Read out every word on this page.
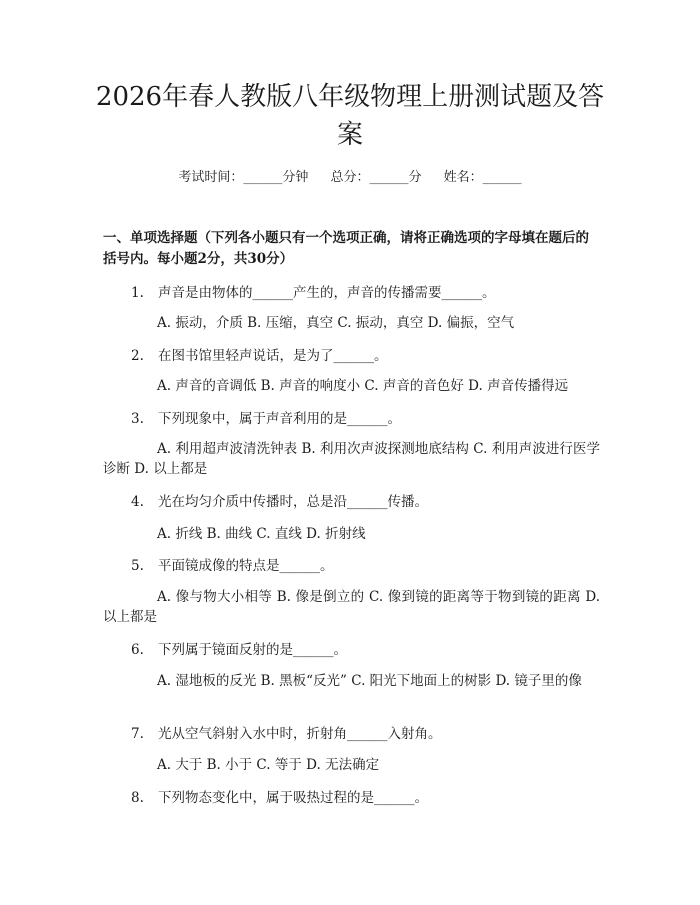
2026年春人教版八年级物理上册测试题及答案
考试时间：______分钟 总分：______分 姓名：______

一、单项选择题（下列各小题只有一个选项正确，请将正确选项的字母填在题后的括号内。每小题2分，共30分）

1.	声音是由物体的______产生的，声音的传播需要______。

A. 振动，介质 B. 压缩，真空 C. 振动，真空 D. 偏振，空气

2.	在图书馆里轻声说话，是为了______。

A. 声音的音调低 B. 声音的响度小 C. 声音的音色好 D. 声音传播得远

3.	下列现象中，属于声音利用的是______。

A. 利用超声波清洗钟表 B. 利用次声波探测地底结构 C. 利用声波进行医学诊断 D. 以上都是

4.	光在均匀介质中传播时，总是沿______传播。

A. 折线 B. 曲线 C. 直线 D. 折射线

5.	平面镜成像的特点是______。

A. 像与物大小相等 B. 像是倒立的 C. 像到镜的距离等于物到镜的距离 D. 以上都是

6.	下列属于镜面反射的是______。

A. 湿地板的反光 B. 黑板“反光” C. 阳光下地面上的树影 D. 镜子里的像

7.	光从空气斜射入水中时，折射角______入射角。

A. 大于 B. 小于 C. 等于 D. 无法确定

8.	下列物态变化中，属于吸热过程的是______。
